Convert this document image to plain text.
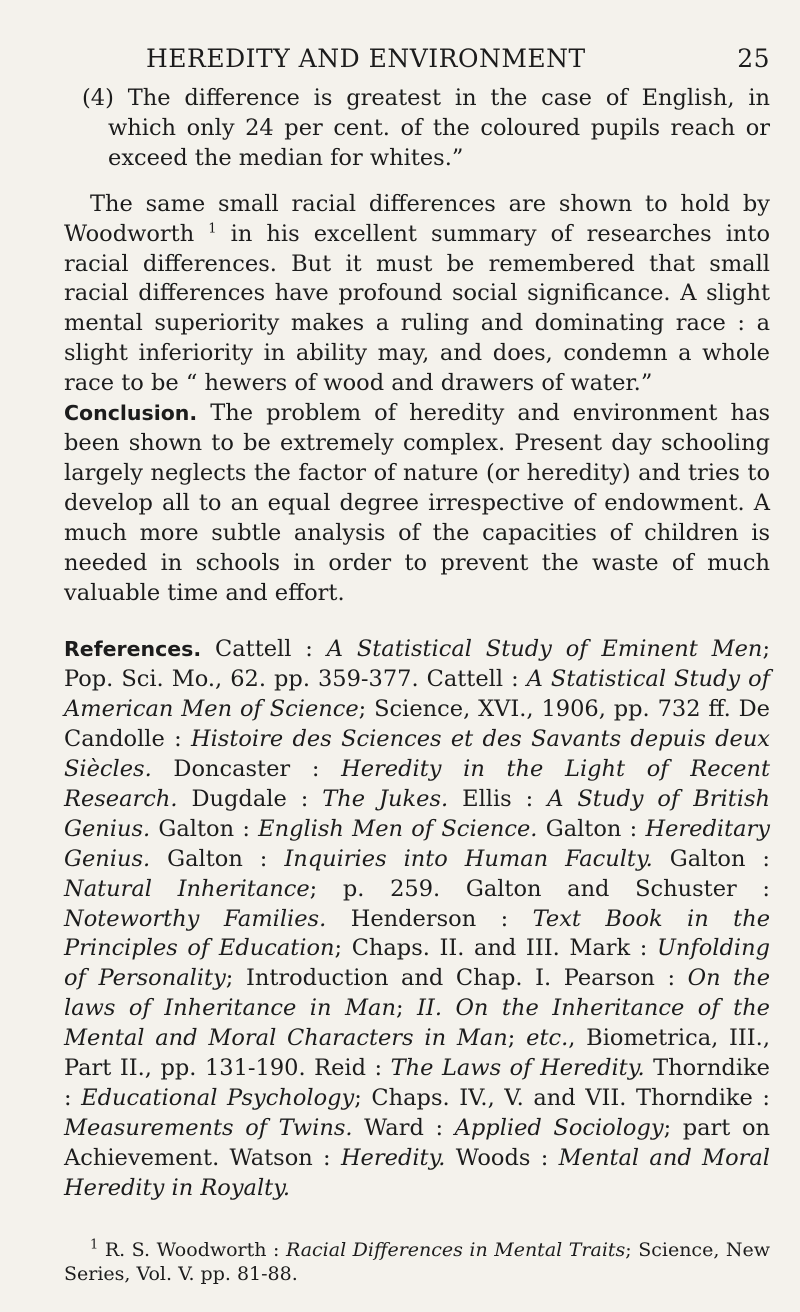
HEREDITY AND ENVIRONMENT	25

(4) The difference is greatest in the case of English, in which only 24 per cent. of the coloured pupils reach or exceed the median for whites.”

The same small racial differences are shown to hold by Woodworth $^1$ in his excellent summary of researches into racial differences. But it must be remembered that small racial differences have profound social significance. A slight mental superiority makes a ruling and dominating race : a slight inferiority in ability may, and does, condemn a whole race to be “ hewers of wood and drawers of water.”

Conclusion. The problem of heredity and environment has been shown to be extremely complex. Present day schooling largely neglects the factor of nature (or heredity) and tries to develop all to an equal degree irrespective of endowment. A much more subtle analysis of the capacities of children is needed in schools in order to prevent the waste of much valuable time and effort.

References. Cattell : A Statistical Study of Eminent Men; Pop. Sci. Mo., 62. pp. 359-377. Cattell : A Statistical Study of American Men of Science; Science, XVI., 1906, pp. 732 ff. De Candolle : Histoire des Sciences et des Savants depuis deux Siècles. Doncaster : Heredity in the Light of Recent Research. Dugdale : The Jukes. Ellis : A Study of British Genius. Galton : English Men of Science. Galton : Hereditary Genius. Galton : Inquiries into Human Faculty. Galton : Natural Inheritance; p. 259. Galton and Schuster : Noteworthy Families. Henderson : Text Book in the Principles of Education; Chaps. II. and III. Mark : Unfolding of Personality; Introduction and Chap. I. Pearson : On the laws of Inheritance in Man; II. On the Inheritance of the Mental and Moral Characters in Man; etc., Biometrica, III., Part II., pp. 131-190. Reid : The Laws of Heredity. Thorndike : Educational Psychology; Chaps. IV., V. and VII. Thorndike : Measurements of Twins. Ward : Applied Sociology; part on Achievement. Watson : Heredity. Woods : Mental and Moral Heredity in Royalty.

$^1$ R. S. Woodworth : Racial Differences in Mental Traits; Science, New Series, Vol. V. pp. 81-88.
